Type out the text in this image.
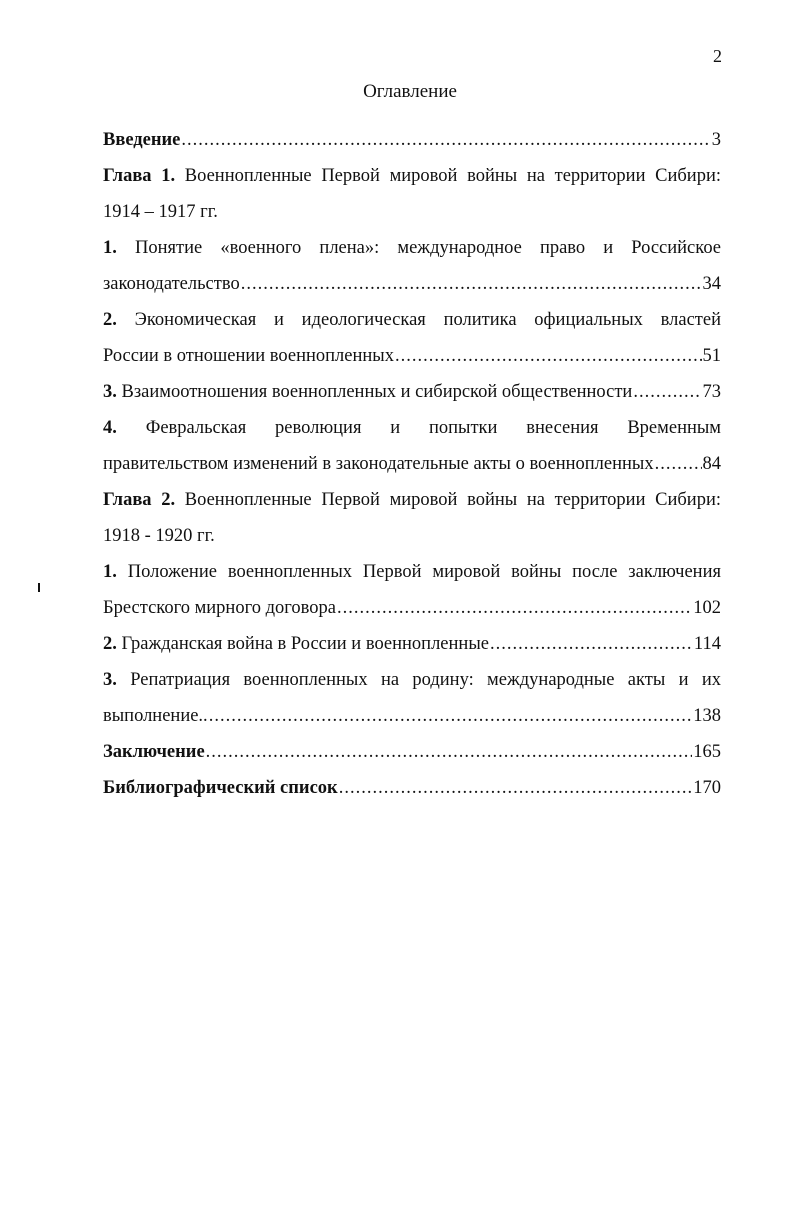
2
Оглавление
Введение .....	3
Глава 1. Военнопленные Первой мировой войны на территории Сибири:
1914 – 1917 гг.
1. Понятие «военного плена»: международное право и Российское
законодательство .....	34
2. Экономическая и идеологическая политика официальных властей
России в отношении военнопленных .....	51
3. Взаимоотношения военнопленных и сибирской общественности .....	73
4. Февральская революция и попытки внесения Временным
правительством изменений в законодательные акты о военнопленных .....	84
Глава 2. Военнопленные Первой мировой войны на территории Сибири:
1918 - 1920 гг.
1. Положение военнопленных Первой мировой войны после заключения
Брестского мирного договора .....	102
2. Гражданская война в России и военнопленные .....	114
3. Репатриация военнопленных на родину: международные акты и их
выполнение.. .....	138
Заключение .....	165
Библиографический список .....	170
